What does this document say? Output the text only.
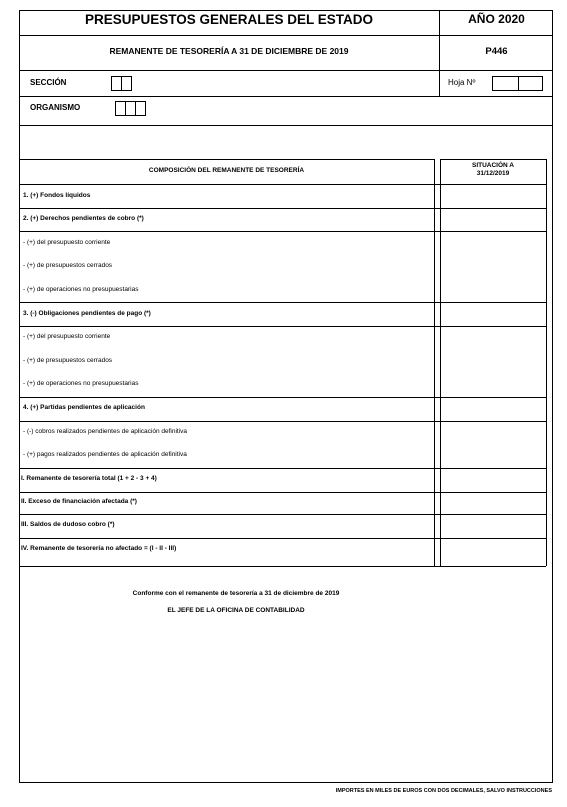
PRESUPUESTOS GENERALES DEL ESTADO	AÑO 2020
REMANENTE DE TESORERÍA A 31 DE DICIEMBRE DE 2019	P446
SECCIÓN	Hoja Nº
ORGANISMO
COMPOSICIÓN DEL REMANENTE DE TESORERÍA
SITUACIÓN A
31/12/2019
1. (+) Fondos líquidos
2. (+) Derechos pendientes de cobro (*)
- (+) del presupuesto corriente
- (+) de presupuestos cerrados
- (+) de operaciones no presupuestarias
3. (-) Obligaciones pendientes de pago (*)
- (+) del presupuesto corriente
- (+) de presupuestos cerrados
- (+) de operaciones no presupuestarias
4. (+) Partidas pendientes de aplicación
- (-) cobros realizados pendientes de aplicación definitiva
- (+) pagos realizados pendientes de aplicación definitiva
I. Remanente de tesorería total (1 + 2 - 3 + 4)
II. Exceso de financiación afectada (*)
III. Saldos de dudoso cobro (*)
IV. Remanente de tesorería no afectado = (I - II - III)
Conforme con el remanente de tesorería a 31 de diciembre de 2019
EL JEFE DE LA OFICINA DE CONTABILIDAD
IMPORTES EN MILES DE EUROS CON DOS DECIMALES, SALVO INSTRUCCIONES
